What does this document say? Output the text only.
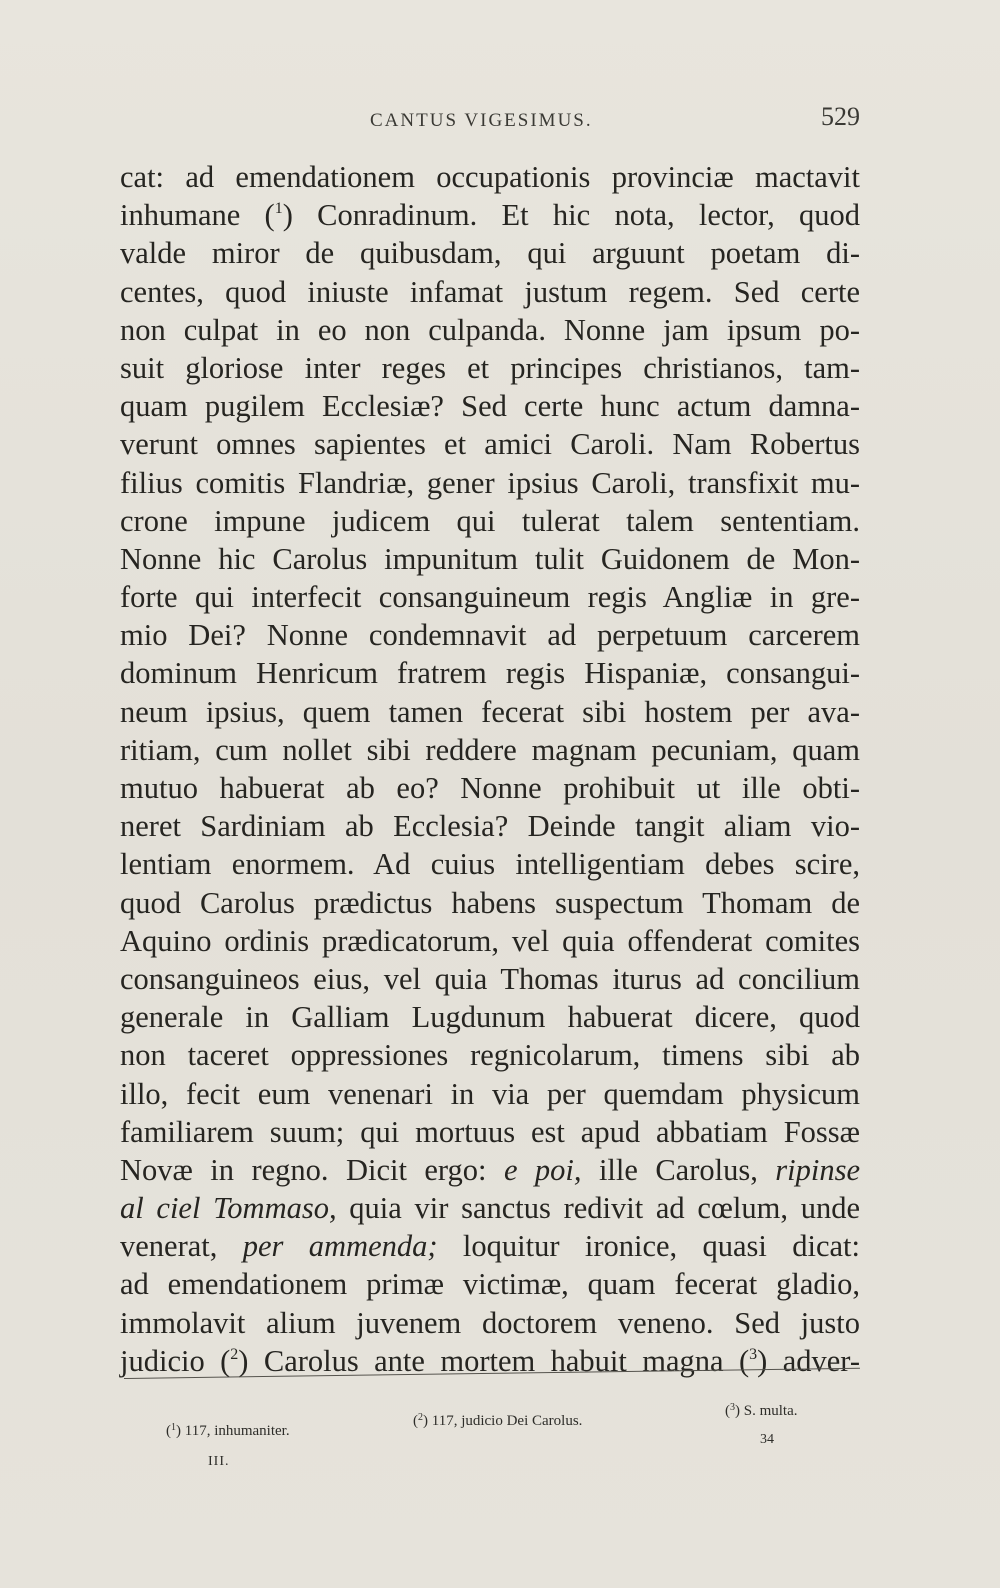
CANTUS VIGESIMUS.	529
cat: ad emendationem occupationis provinciæ mactavit
inhumane ($^1$) Conradinum. Et hic nota, lector, quod
valde miror de quibusdam, qui arguunt poetam di-
centes, quod iniuste infamat justum regem. Sed certe
non culpat in eo non culpanda. Nonne jam ipsum po-
suit gloriose inter reges et principes christianos, tam-
quam pugilem Ecclesiæ? Sed certe hunc actum damna-
verunt omnes sapientes et amici Caroli. Nam Robertus
filius comitis Flandriæ, gener ipsius Caroli, transfixit mu-
crone impune judicem qui tulerat talem sententiam.
Nonne hic Carolus impunitum tulit Guidonem de Mon-
forte qui interfecit consanguineum regis Angliæ in gre-
mio Dei? Nonne condemnavit ad perpetuum carcerem
dominum Henricum fratrem regis Hispaniæ, consangui-
neum ipsius, quem tamen fecerat sibi hostem per ava-
ritiam, cum nollet sibi reddere magnam pecuniam, quam
mutuo habuerat ab eo? Nonne prohibuit ut ille obti-
neret Sardiniam ab Ecclesia? Deinde tangit aliam vio-
lentiam enormem. Ad cuius intelligentiam debes scire,
quod Carolus prædictus habens suspectum Thomam de
Aquino ordinis prædicatorum, vel quia offenderat comites
consanguineos eius, vel quia Thomas iturus ad concilium
generale in Galliam Lugdunum habuerat dicere, quod
non taceret oppressiones regnicolarum, timens sibi ab
illo, fecit eum venenari in via per quemdam physicum
familiarem suum; qui mortuus est apud abbatiam Fossæ
Novæ in regno. Dicit ergo: e poi, ille Carolus, ripinse
al ciel Tommaso, quia vir sanctus redivit ad cœlum, unde
venerat, per ammenda; loquitur ironice, quasi dicat:
ad emendationem primæ victimæ, quam fecerat gladio,
immolavit alium juvenem doctorem veneno. Sed justo
judicio ($^2$) Carolus ante mortem habuit magna ($^3$) adver-
($^1$) 117, inhumaniter.
($^2$) 117, judicio Dei Carolus.
($^3$) S. multa.
III.
34
